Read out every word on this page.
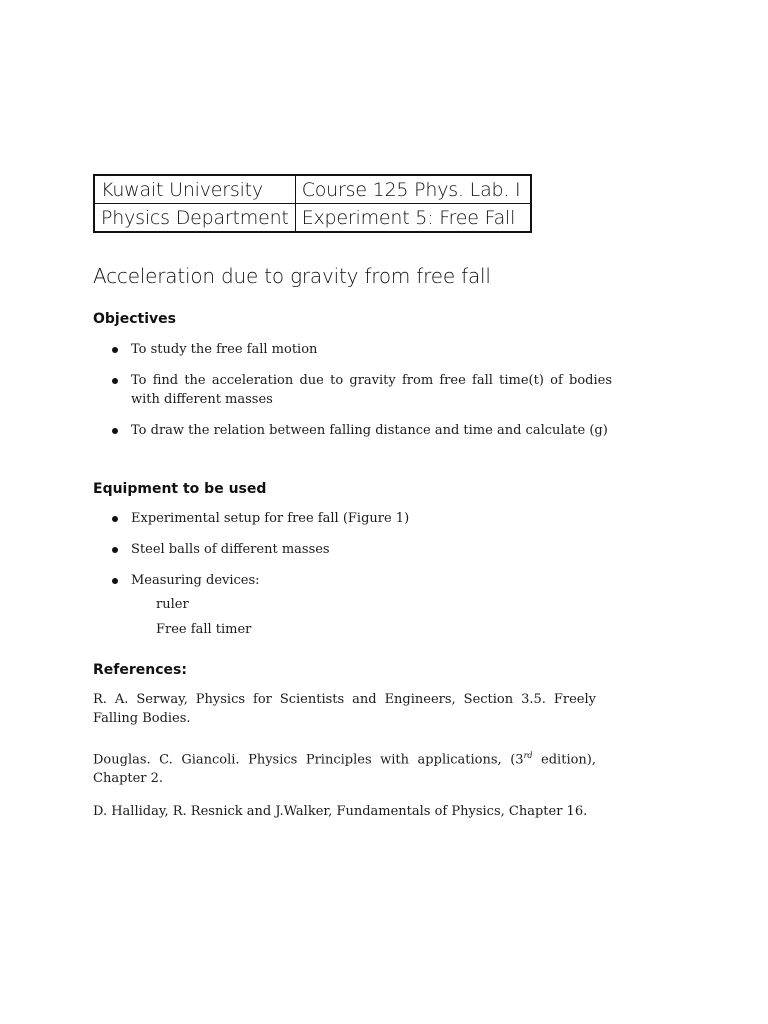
Kuwait University	Course 125 Phys. Lab. I
Physics Department	Experiment 5: Free Fall
Acceleration due to gravity from free fall
Objectives
To study the free fall motion
To find the acceleration due to gravity from free fall time(t) of bodies with different masses
To draw the relation between falling distance and time and calculate (g)
Equipment to be used
Experimental setup for free fall (Figure 1)
Steel balls of different masses
Measuring devices:
ruler
Free fall timer
References:

R. A. Serway, Physics for Scientists and Engineers, Section 3.5. Freely Falling Bodies.

Douglas. C. Giancoli. Physics Principles with applications, (3rd edition), Chapter 2.

D. Halliday, R. Resnick and J.Walker, Fundamentals of Physics, Chapter 16.
